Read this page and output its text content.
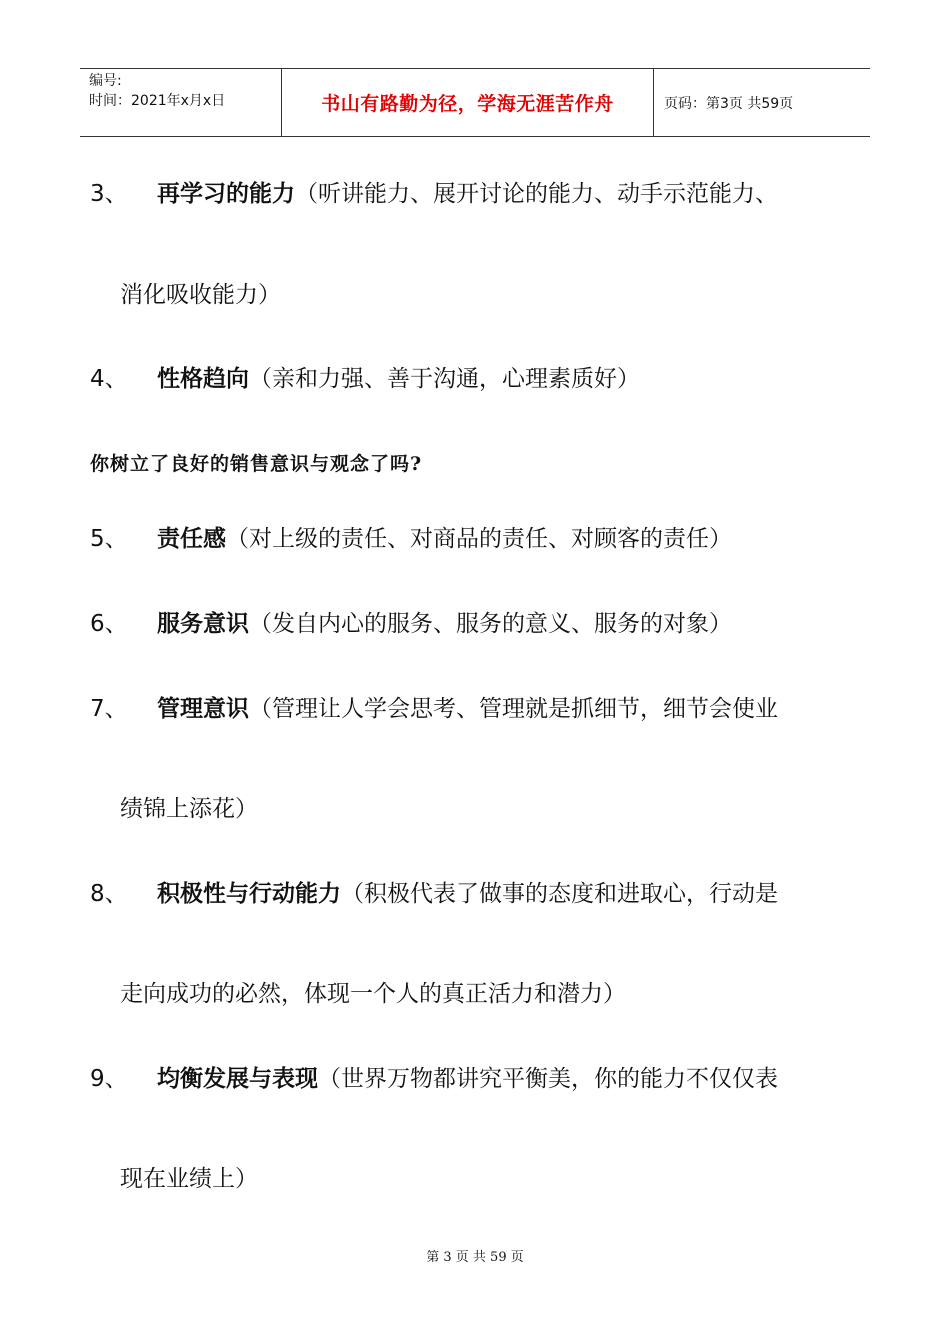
编号:
时间：2021年x月x日	书山有路勤为径，学海无涯苦作舟	页码：第3页 共59页
3、 再学习的能力（听讲能力、展开讨论的能力、动手示范能力、
消化吸收能力）
4、 性格趋向（亲和力强、善于沟通，心理素质好）
你树立了良好的销售意识与观念了吗?
5、 责任感（对上级的责任、对商品的责任、对顾客的责任）
6、 服务意识（发自内心的服务、服务的意义、服务的对象）
7、 管理意识（管理让人学会思考、管理就是抓细节，细节会使业
绩锦上添花）
8、 积极性与行动能力（积极代表了做事的态度和进取心，行动是
走向成功的必然，体现一个人的真正活力和潜力）
9、 均衡发展与表现（世界万物都讲究平衡美，你的能力不仅仅表
现在业绩上）
第 3 页 共 59 页
